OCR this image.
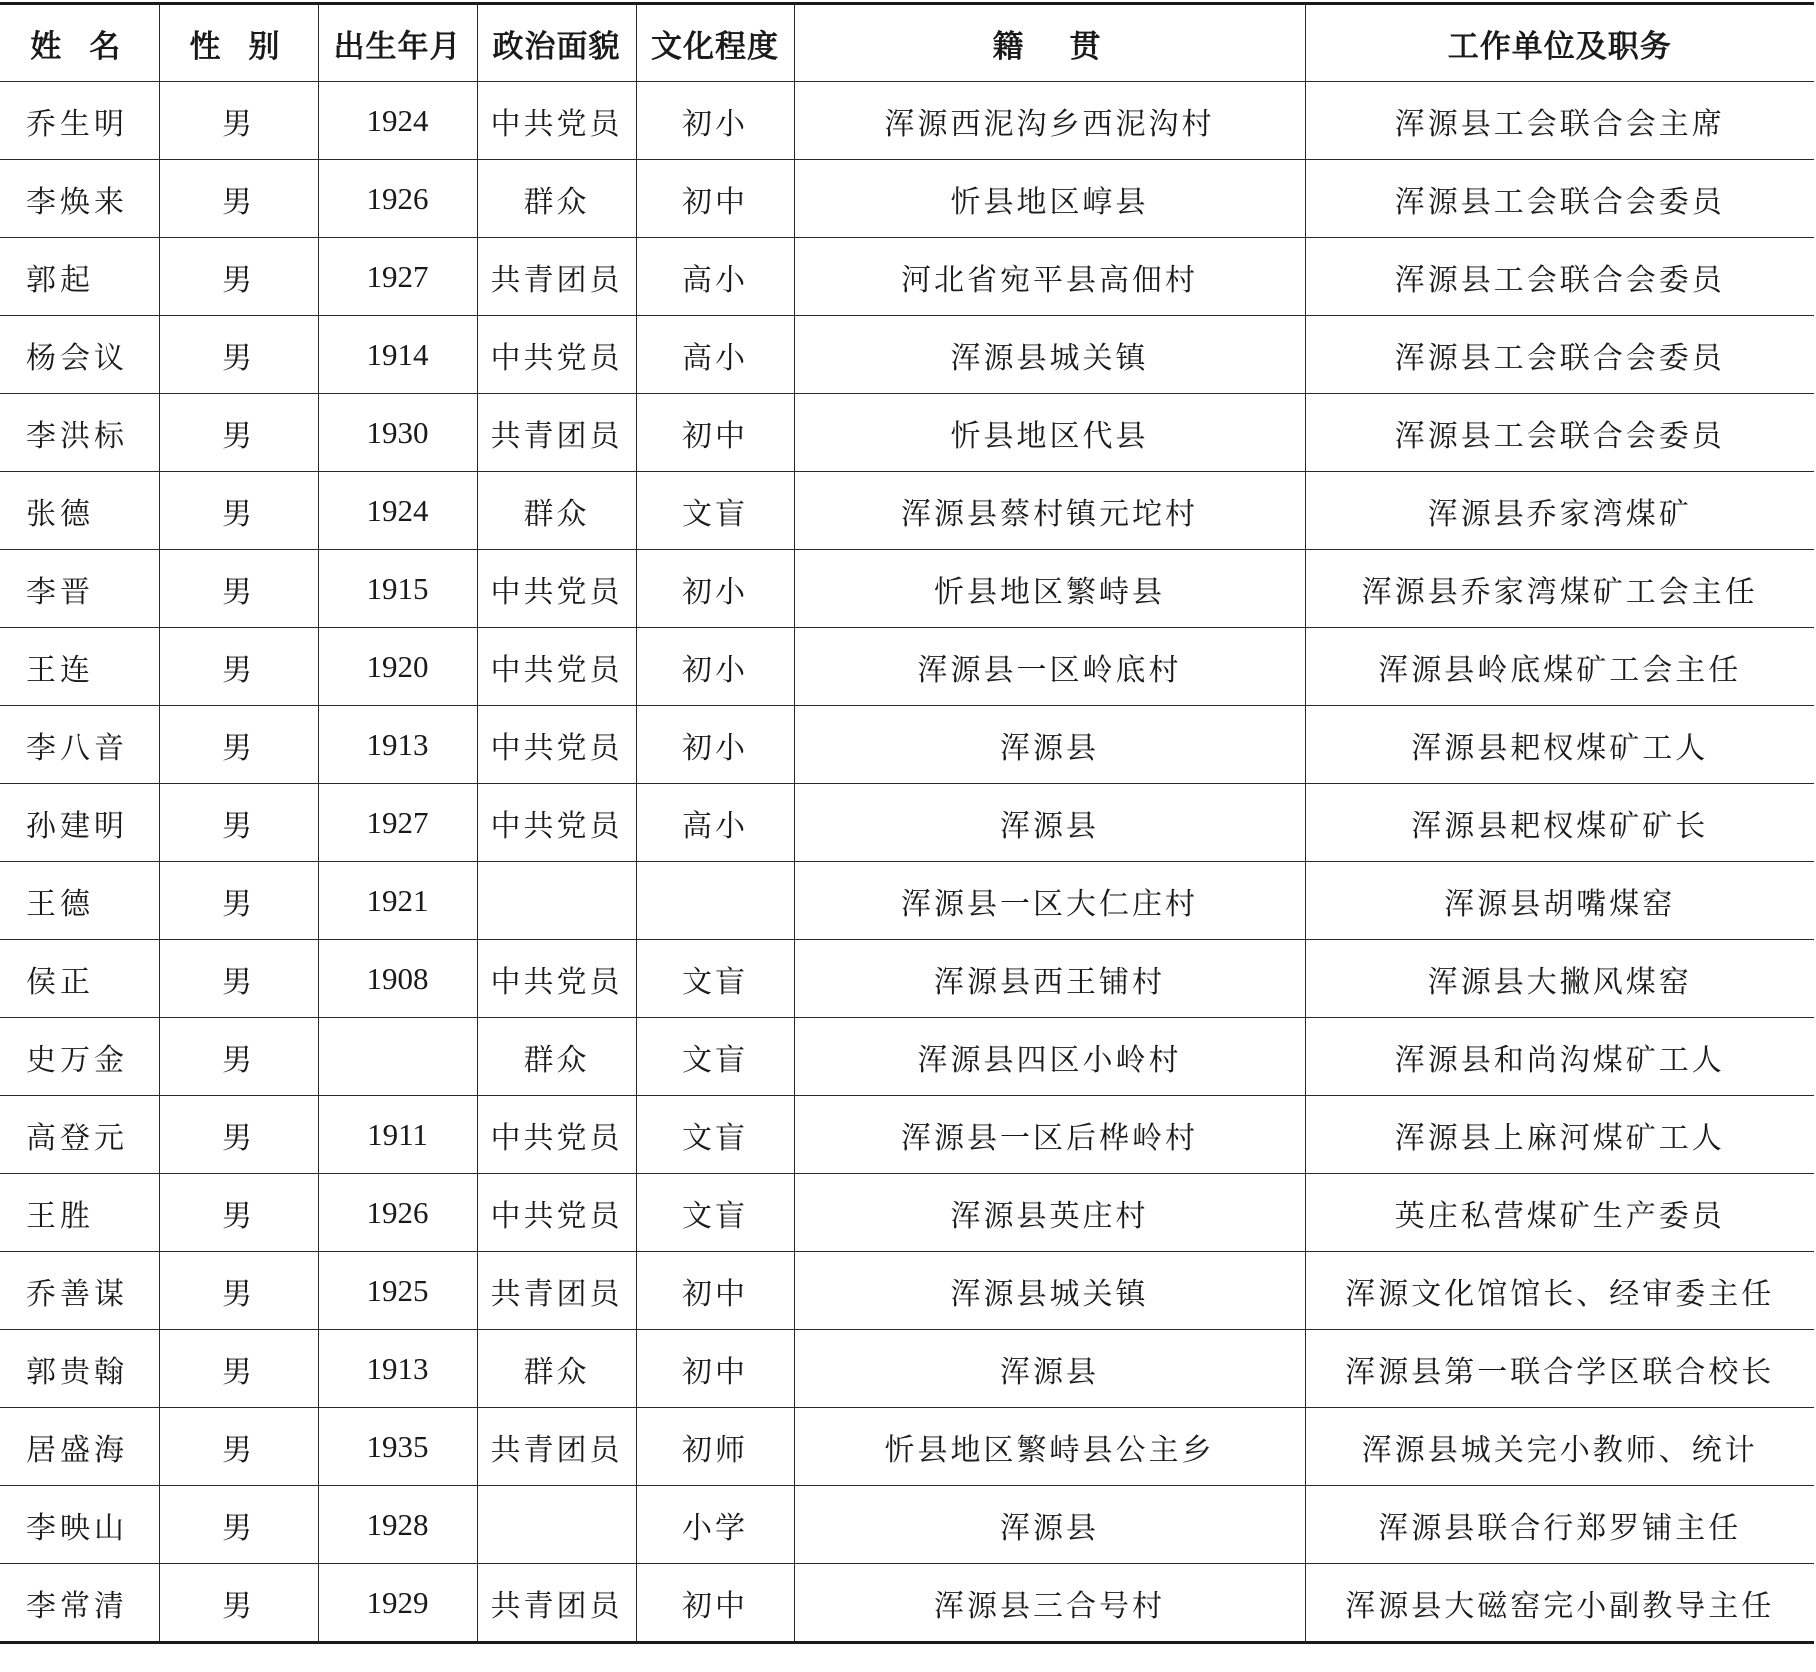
姓名	性别	出生年月	政治面貌	文化程度	籍贯	工作单位及职务
乔生明	男	1924	中共党员	初小	浑源西泥沟乡西泥沟村	浑源县工会联合会主席
李焕来	男	1926	群众	初中	忻县地区崞县	浑源县工会联合会委员
郭起	男	1927	共青团员	高小	河北省宛平县高佃村	浑源县工会联合会委员
杨会议	男	1914	中共党员	高小	浑源县城关镇	浑源县工会联合会委员
李洪标	男	1930	共青团员	初中	忻县地区代县	浑源县工会联合会委员
张德	男	1924	群众	文盲	浑源县蔡村镇元坨村	浑源县乔家湾煤矿
李晋	男	1915	中共党员	初小	忻县地区繁峙县	浑源县乔家湾煤矿工会主任
王连	男	1920	中共党员	初小	浑源县一区岭底村	浑源县岭底煤矿工会主任
李八音	男	1913	中共党员	初小	浑源县	浑源县耙杈煤矿工人
孙建明	男	1927	中共党员	高小	浑源县	浑源县耙杈煤矿矿长
王德	男	1921			浑源县一区大仁庄村	浑源县胡嘴煤窑
侯正	男	1908	中共党员	文盲	浑源县西王铺村	浑源县大撇风煤窑
史万金	男		群众	文盲	浑源县四区小岭村	浑源县和尚沟煤矿工人
高登元	男	1911	中共党员	文盲	浑源县一区后桦岭村	浑源县上麻河煤矿工人
王胜	男	1926	中共党员	文盲	浑源县英庄村	英庄私营煤矿生产委员
乔善谋	男	1925	共青团员	初中	浑源县城关镇	浑源文化馆馆长、经审委主任
郭贵翰	男	1913	群众	初中	浑源县	浑源县第一联合学区联合校长
居盛海	男	1935	共青团员	初师	忻县地区繁峙县公主乡	浑源县城关完小教师、统计
李映山	男	1928		小学	浑源县	浑源县联合行郑罗铺主任
李常清	男	1929	共青团员	初中	浑源县三合号村	浑源县大磁窑完小副教导主任
